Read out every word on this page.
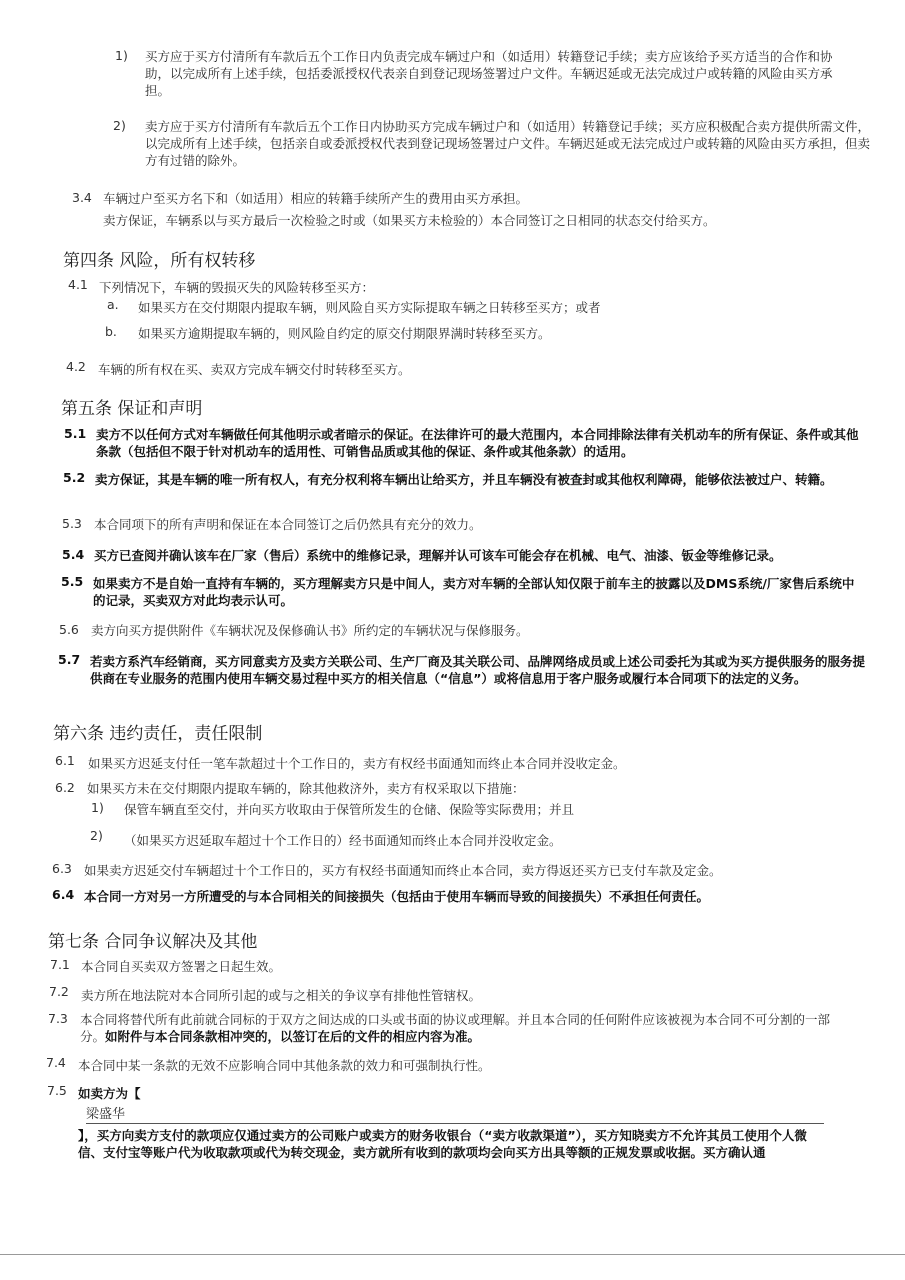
1) 买方应于买方付清所有车款后五个工作日内负责完成车辆过户和（如适用）转籍登记手续；卖方应该给予买方适当的合作和协助，以完成所有上述手续，包括委派授权代表亲自到登记现场签署过户文件。车辆迟延或无法完成过户或转籍的风险由买方承担。
2) 卖方应于买方付清所有车款后五个工作日内协助买方完成车辆过户和（如适用）转籍登记手续；买方应积极配合卖方提供所需文件，以完成所有上述手续，包括亲自或委派授权代表到登记现场签署过户文件。车辆迟延或无法完成过户或转籍的风险由买方承担，但卖方有过错的除外。
3.4 车辆过户至买方名下和（如适用）相应的转籍手续所产生的费用由买方承担。
卖方保证，车辆系以与买方最后一次检验之时或（如果买方未检验的）本合同签订之日相同的状态交付给买方。
第四条 风险，所有权转移
4.1 下列情况下，车辆的毁损灭失的风险转移至买方：
a. 如果买方在交付期限内提取车辆，则风险自买方实际提取车辆之日转移至买方；或者
b. 如果买方逾期提取车辆的，则风险自约定的原交付期限界满时转移至买方。
4.2 车辆的所有权在买、卖双方完成车辆交付时转移至买方。
第五条 保证和声明
5.1 卖方不以任何方式对车辆做任何其他明示或者暗示的保证。在法律许可的最大范围内，本合同排除法律有关机动车的所有保证、条件或其他条款（包括但不限于针对机动车的适用性、可销售品质或其他的保证、条件或其他条款）的适用。
5.2 卖方保证，其是车辆的唯一所有权人，有充分权利将车辆出让给买方，并且车辆没有被查封或其他权利障碍，能够依法被过户、转籍。
5.3 本合同项下的所有声明和保证在本合同签订之后仍然具有充分的效力。
5.4 买方已查阅并确认该车在厂家（售后）系统中的维修记录，理解并认可该车可能会存在机械、电气、油漆、钣金等维修记录。
5.5 如果卖方不是自始一直持有车辆的，买方理解卖方只是中间人，卖方对车辆的全部认知仅限于前车主的披露以及DMS系统/厂家售后系统中的记录，买卖双方对此均表示认可。
5.6 卖方向买方提供附件《车辆状况及保修确认书》所约定的车辆状况与保修服务。
5.7 若卖方系汽车经销商，买方同意卖方及卖方关联公司、生产厂商及其关联公司、品牌网络成员或上述公司委托为其或为买方提供服务的服务提供商在专业服务的范围内使用车辆交易过程中买方的相关信息（“信息”）或将信息用于客户服务或履行本合同项下的法定的义务。
第六条 违约责任，责任限制
6.1 如果买方迟延支付任一笔车款超过十个工作日的，卖方有权经书面通知而终止本合同并没收定金。
6.2 如果买方未在交付期限内提取车辆的，除其他救济外，卖方有权采取以下措施：
1) 保管车辆直至交付，并向买方收取由于保管所发生的仓储、保险等实际费用；并且
2) （如果买方迟延取车超过十个工作日的）经书面通知而终止本合同并没收定金。
6.3 如果卖方迟延交付车辆超过十个工作日的，买方有权经书面通知而终止本合同，卖方得返还买方已支付车款及定金。
6.4 本合同一方对另一方所遭受的与本合同相关的间接损失（包括由于使用车辆而导致的间接损失）不承担任何责任。
第七条 合同争议解决及其他
7.1 本合同自买卖双方签署之日起生效。
7.2 卖方所在地法院对本合同所引起的或与之相关的争议享有排他性管辖权。
7.3 本合同将替代所有此前就合同标的于双方之间达成的口头或书面的协议或理解。并且本合同的任何附件应该被视为本合同不可分割的一部分。如附件与本合同条款相冲突的，以签订在后的文件的相应内容为准。
7.4 本合同中某一条款的无效不应影响合同中其他条款的效力和可强制执行性。
7.5 如卖方为【
梁盛华
】，买方向卖方支付的款项应仅通过卖方的公司账户或卖方的财务收银台（“卖方收款渠道”），买方知晓卖方不允许其员工使用个人微信、支付宝等账户代为收取款项或代为转交现金，卖方就所有收到的款项均会向买方出具等额的正规发票或收据。买方确认通
